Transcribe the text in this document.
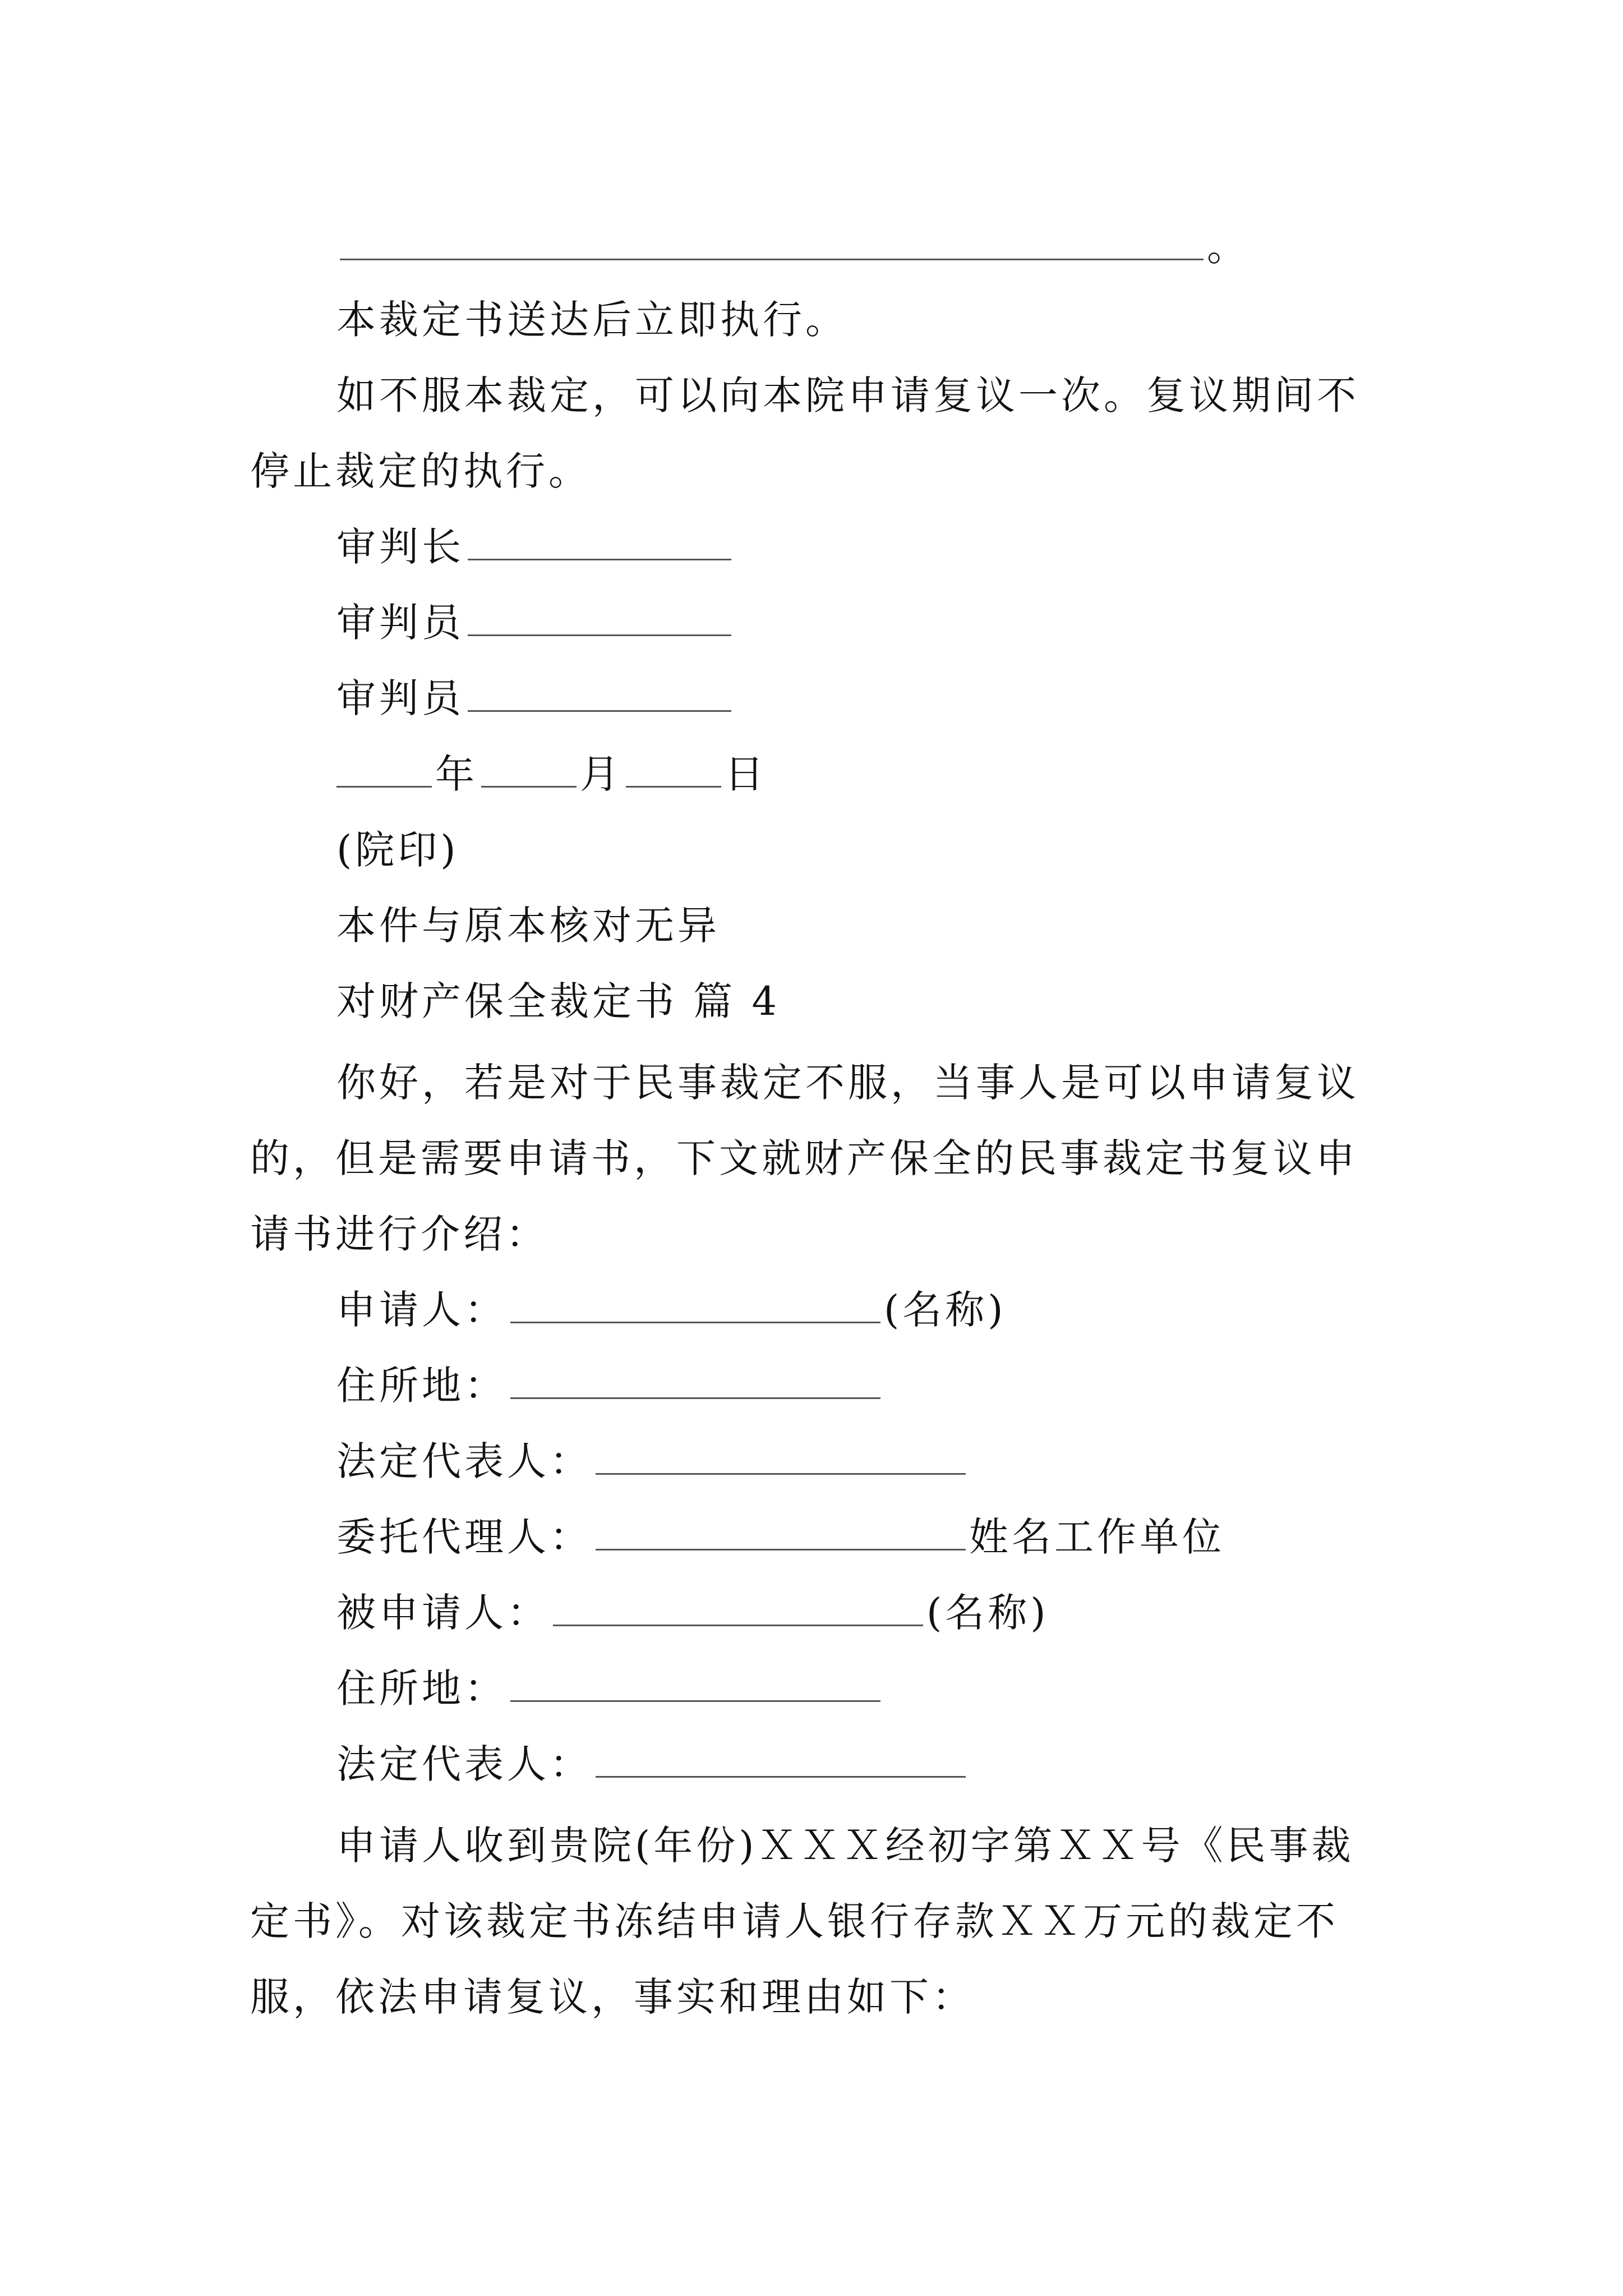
。
本裁定书送达后立即执行。
如不服本裁定，可以向本院申请复议一次。复议期间不
停止裁定的执行。
审判长
审判员
审判员
年	月	日
(院印)
本件与原本核对无异
对财产保全裁定书 篇 4
你好，若是对于民事裁定不服，当事人是可以申请复议
的，但是需要申请书，下文就财产保全的民事裁定书复议申
请书进行介绍：
申请人：	(名称)
住所地：
法定代表人：
委托代理人：	姓名工作单位
被申请人：	(名称)
住所地：
法定代表人：
申请人收到贵院(年份)ＸＸＸ经初字第ＸＸ号《民事裁
定书》。对该裁定书冻结申请人银行存款ＸＸ万元的裁定不
服，依法申请复议，事实和理由如下：
